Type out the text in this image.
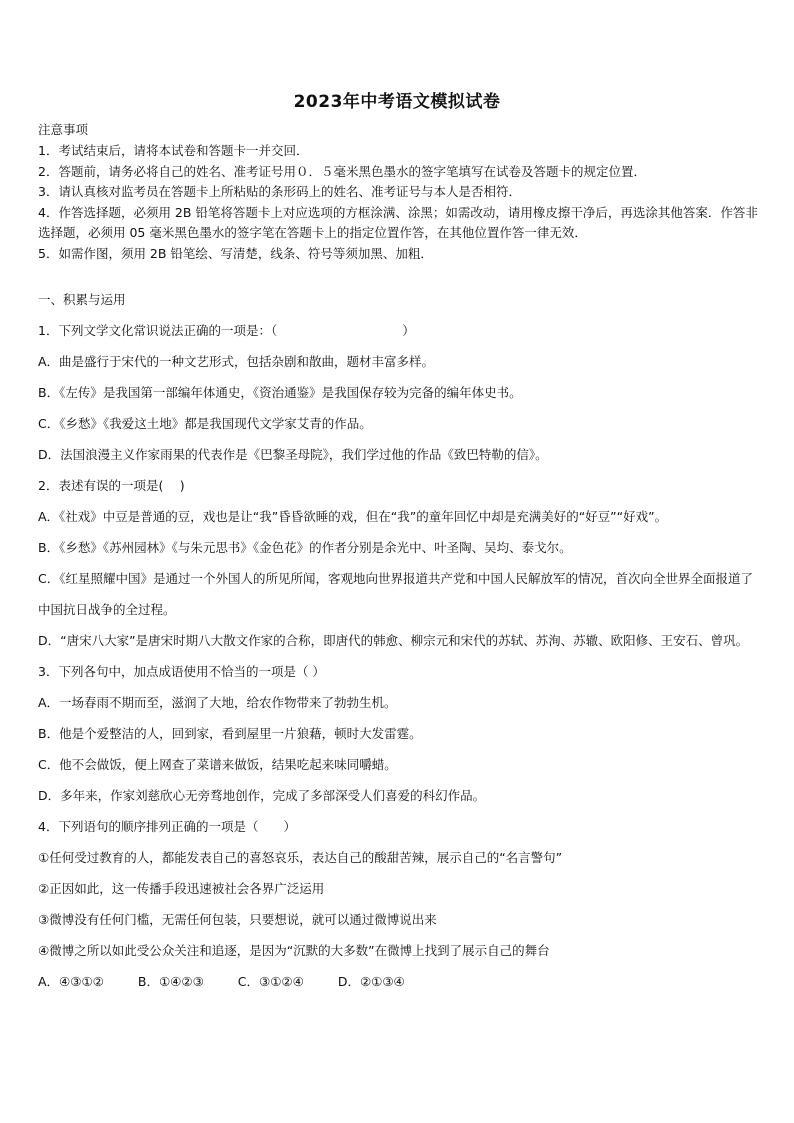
2023年中考语文模拟试卷
注意事项
1．考试结束后，请将本试卷和答题卡一并交回．
2．答题前，请务必将自己的姓名、准考证号用０．５毫米黑色墨水的签字笔填写在试卷及答题卡的规定位置．
3．请认真核对监考员在答题卡上所粘贴的条形码上的姓名、准考证号与本人是否相符．
4．作答选择题，必须用 2B 铅笔将答题卡上对应选项的方框涂满、涂黑；如需改动，请用橡皮擦干净后，再选涂其他答案．作答非选择题，必须用 05 毫米黑色墨水的签字笔在答题卡上的指定位置作答，在其他位置作答一律无效．
5．如需作图，须用 2B 铅笔绘、写清楚，线条、符号等须加黑、加粗．
一、积累与运用
1．下列文学文化常识说法正确的一项是：（　　　　　　　　　　）
A．曲是盛行于宋代的一种文艺形式，包括杂剧和散曲，题材丰富多样。
B．《左传》是我国第一部编年体通史，《资治通鉴》是我国保存较为完备的编年体史书。
C．《乡愁》《我爱这土地》都是我国现代文学家艾青的作品。
D．法国浪漫主义作家雨果的代表作是《巴黎圣母院》，我们学过他的作品《致巴特勒的信》。
2．表述有误的一项是(　 )
A．《社戏》中豆是普通的豆，戏也是让“我”昏昏欲睡的戏，但在“我”的童年回忆中却是充满美好的“好豆”“好戏”。
B．《乡愁》《苏州园林》《与朱元思书》《金色花》的作者分别是余光中、叶圣陶、吴均、泰戈尔。
C．《红星照耀中国》是通过一个外国人的所见所闻，客观地向世界报道共产党和中国人民解放军的情况，首次向全世界全面报道了中国抗日战争的全过程。
D．“唐宋八大家”是唐宋时期八大散文作家的合称，即唐代的韩愈、柳宗元和宋代的苏轼、苏洵、苏辙、欧阳修、王安石、曾巩。
3．下列各句中，加点成语使用不恰当的一项是（ ）
A．一场春雨不期而至，滋润了大地，给农作物带来了勃勃生机。
B．他是个爱整洁的人，回到家，看到屋里一片狼藉，顿时大发雷霆。
C．他不会做饭，便上网查了菜谱来做饭，结果吃起来味同嚼蜡。
D．多年来，作家刘慈欣心无旁骛地创作，完成了多部深受人们喜爱的科幻作品。
4．下列语句的顺序排列正确的一项是（　　）
①任何受过教育的人，都能发表自己的喜怒哀乐，表达自己的酸甜苦辣，展示自己的“名言警句”
②正因如此，这一传播手段迅速被社会各界广泛运用
③微博没有任何门槛，无需任何包装，只要想说，就可以通过微博说出来
④微博之所以如此受公众关注和追逐，是因为“沉默的大多数”在微博上找到了展示自己的舞台
A．④③①②	B．①④②③	C．③①②④	D．②①③④
